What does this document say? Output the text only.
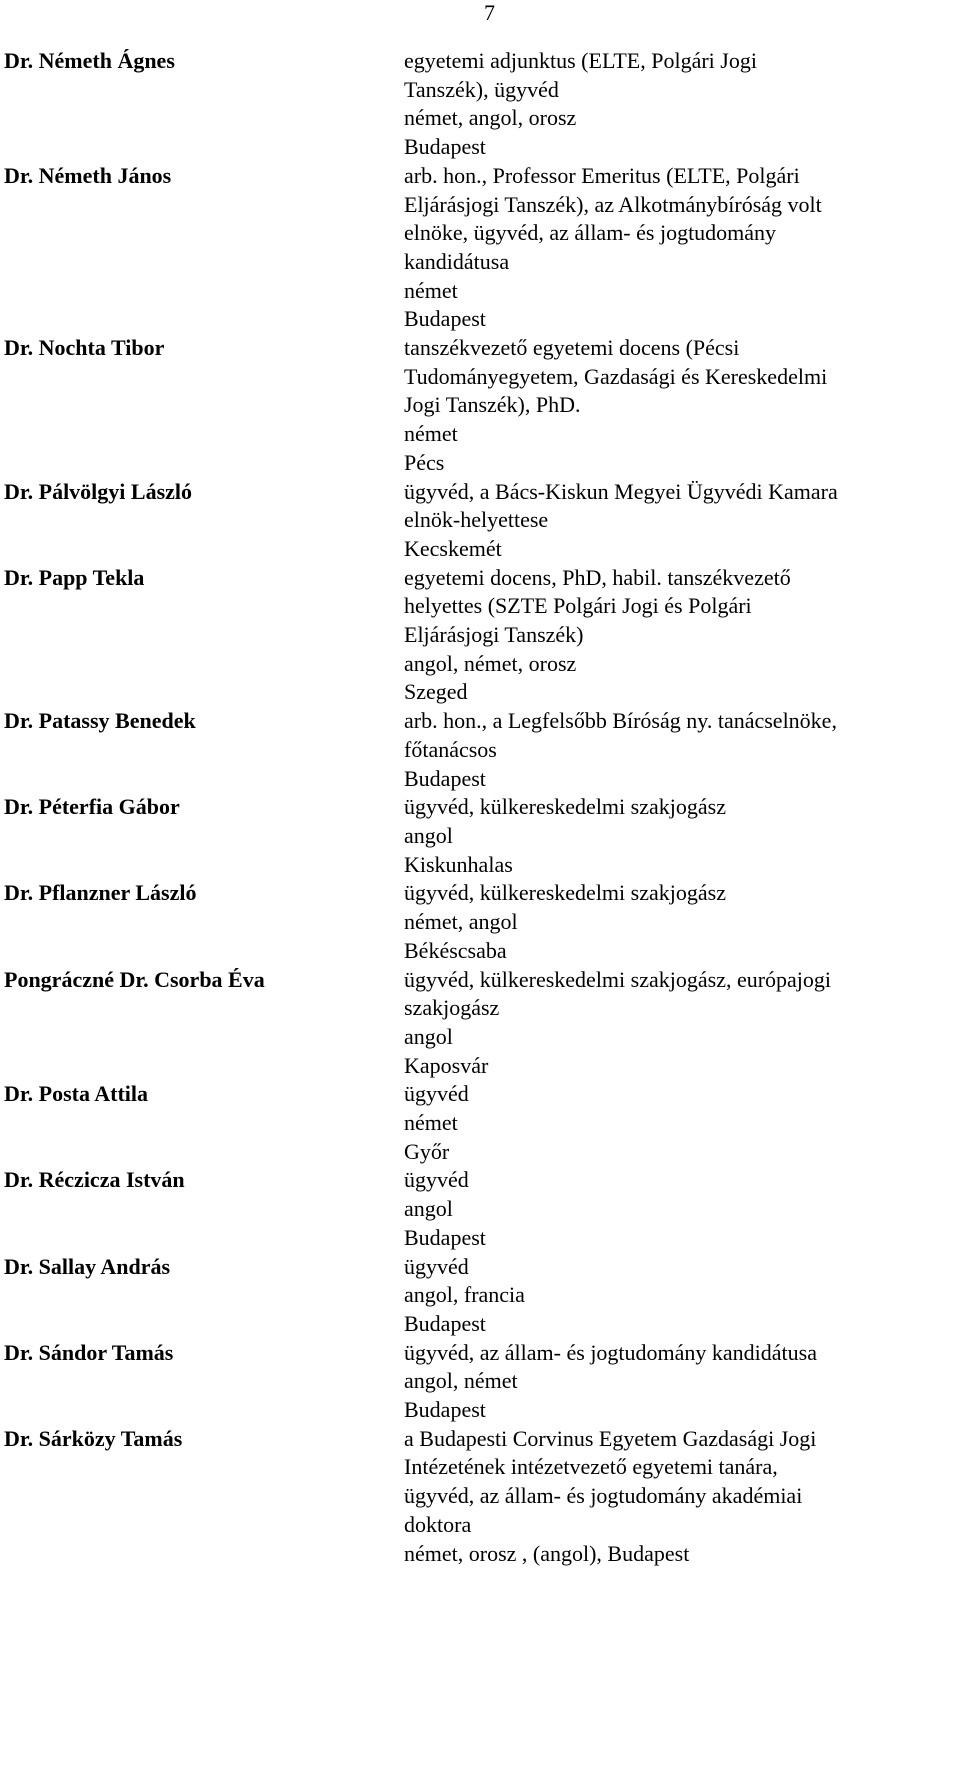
7
Dr. Németh Ágnes	egyetemi adjunktus (ELTE, Polgári Jogi
Tanszék), ügyvéd
német, angol, orosz
Budapest
Dr. Németh János	arb. hon., Professor Emeritus (ELTE, Polgári
Eljárásjogi Tanszék), az Alkotmánybíróság volt
elnöke, ügyvéd, az állam- és jogtudomány
kandidátusa
német
Budapest
Dr. Nochta Tibor	tanszékvezető egyetemi docens (Pécsi
Tudományegyetem, Gazdasági és Kereskedelmi
Jogi Tanszék), PhD.
német
Pécs
Dr. Pálvölgyi László	ügyvéd, a Bács-Kiskun Megyei Ügyvédi Kamara
elnök-helyettese
Kecskemét
Dr. Papp Tekla	egyetemi docens, PhD, habil. tanszékvezető
helyettes (SZTE Polgári Jogi és Polgári
Eljárásjogi Tanszék)
angol, német, orosz
Szeged
Dr. Patassy Benedek	arb. hon., a Legfelsőbb Bíróság ny. tanácselnöke,
főtanácsos
Budapest
Dr. Péterfia Gábor	ügyvéd, külkereskedelmi szakjogász
angol
Kiskunhalas
Dr. Pflanzner László	ügyvéd, külkereskedelmi szakjogász
német, angol
Békéscsaba
Pongráczné Dr. Csorba Éva	ügyvéd, külkereskedelmi szakjogász, európajogi
szakjogász
angol
Kaposvár
Dr. Posta Attila	ügyvéd
német
Győr
Dr. Réczicza István	ügyvéd
angol
Budapest
Dr. Sallay András	ügyvéd
angol, francia
Budapest
Dr. Sándor Tamás	ügyvéd, az állam- és jogtudomány kandidátusa
angol, német
Budapest
Dr. Sárközy Tamás	a Budapesti Corvinus Egyetem Gazdasági Jogi
Intézetének intézetvezető egyetemi tanára,
ügyvéd, az állam- és jogtudomány akadémiai
doktora
német, orosz , (angol), Budapest
